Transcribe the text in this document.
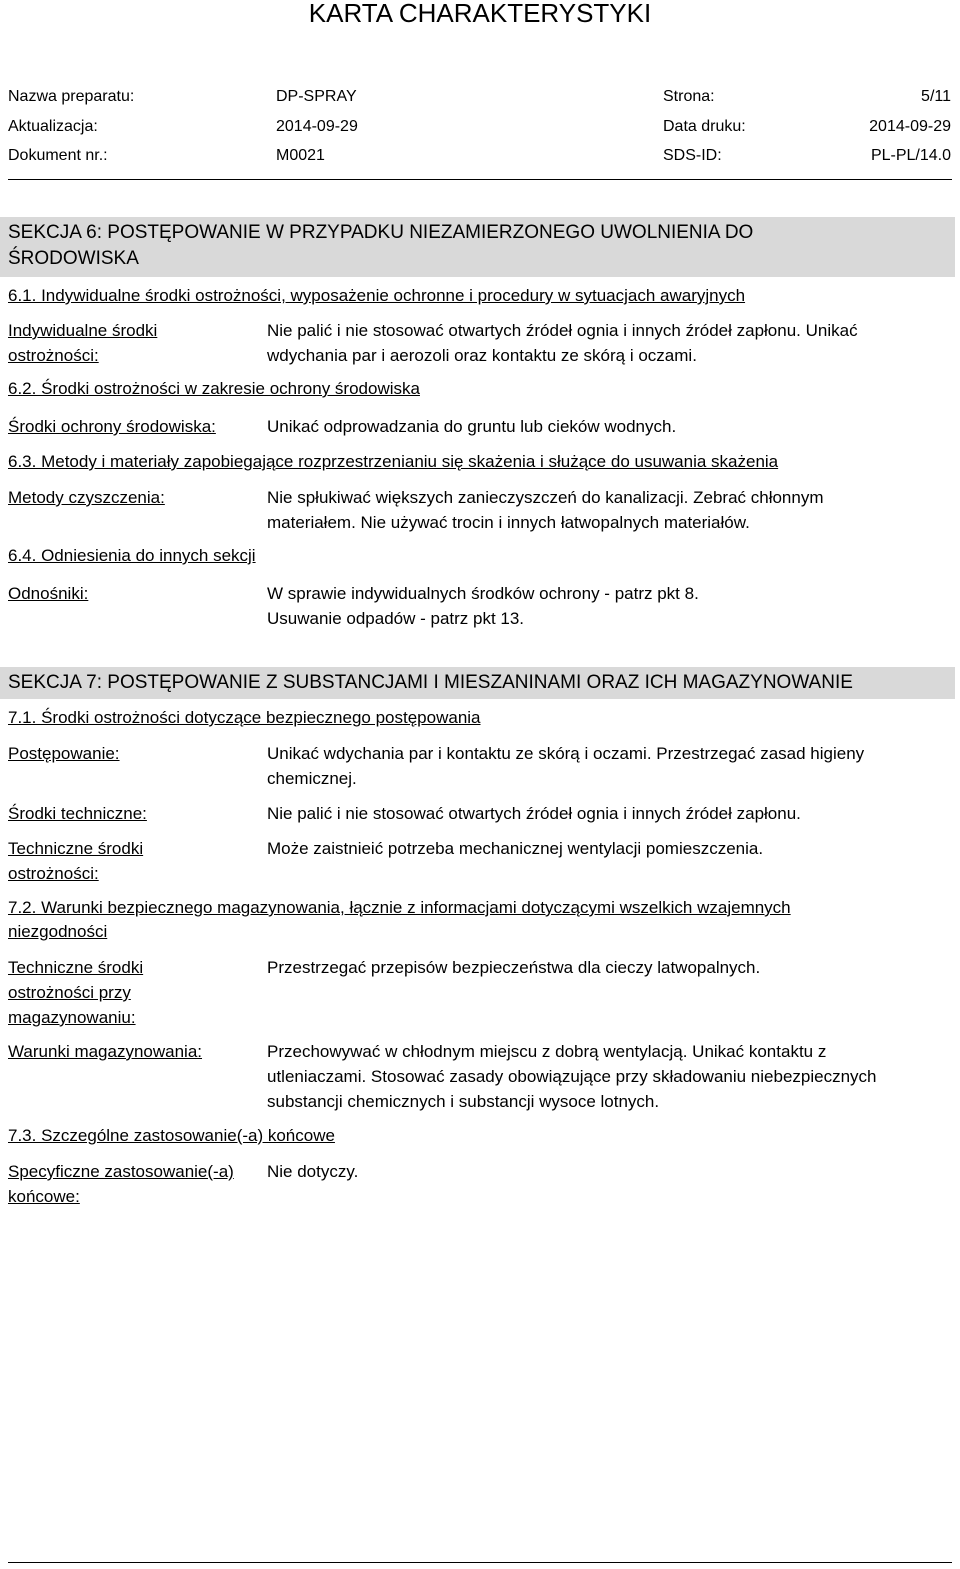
KARTA CHARAKTERYSTYKI
Nazwa preparatu:	DP-SPRAY	Strona:	5/11
Aktualizacja:	2014-09-29	Data druku:	2014-09-29
Dokument nr.:	M0021	SDS-ID:	PL-PL/14.0
SEKCJA 6: POSTĘPOWANIE W PRZYPADKU NIEZAMIERZONEGO UWOLNIENIA DO
ŚRODOWISKA
6.1. Indywidualne środki ostrożności, wyposażenie ochronne i procedury w sytuacjach awaryjnych
Indywidualne środki
ostrożności:
Nie palić i nie stosować otwartych źródeł ognia i innych źródeł zapłonu. Unikać
wdychania par i aerozoli oraz kontaktu ze skórą i oczami.
6.2. Środki ostrożności w zakresie ochrony środowiska
Środki ochrony środowiska:	Unikać odprowadzania do gruntu lub cieków wodnych.
6.3. Metody i materiały zapobiegające rozprzestrzenianiu się skażenia i służące do usuwania skażenia
Metody czyszczenia:	Nie spłukiwać większych zanieczyszczeń do kanalizacji. Zebrać chłonnym
materiałem. Nie używać trocin i innych łatwopalnych materiałów.
6.4. Odniesienia do innych sekcji
Odnośniki:	W sprawie indywidualnych środków ochrony - patrz pkt 8.
Usuwanie odpadów - patrz pkt 13.
SEKCJA 7: POSTĘPOWANIE Z SUBSTANCJAMI I MIESZANINAMI ORAZ ICH MAGAZYNOWANIE
7.1. Środki ostrożności dotyczące bezpiecznego postępowania
Postępowanie:	Unikać wdychania par i kontaktu ze skórą i oczami. Przestrzegać zasad higieny
chemicznej.
Środki techniczne:	Nie palić i nie stosować otwartych źródeł ognia i innych źródeł zapłonu.
Techniczne środki
ostrożności:
Może zaistnieić potrzeba mechanicznej wentylacji pomieszczenia.
7.2. Warunki bezpiecznego magazynowania, łącznie z informacjami dotyczącymi wszelkich wzajemnych
niezgodności
Techniczne środki
ostrożności przy
magazynowaniu:
Przestrzegać przepisów bezpieczeństwa dla cieczy latwopalnych.
Warunki magazynowania:	Przechowywać w chłodnym miejscu z dobrą wentylacją. Unikać kontaktu z
utleniaczami. Stosować zasady obowiązujące przy składowaniu niebezpiecznych
substancji chemicznych i substancji wysoce lotnych.
7.3. Szczególne zastosowanie(-a) końcowe
Specyficzne zastosowanie(-a)
końcowe:
Nie dotyczy.
